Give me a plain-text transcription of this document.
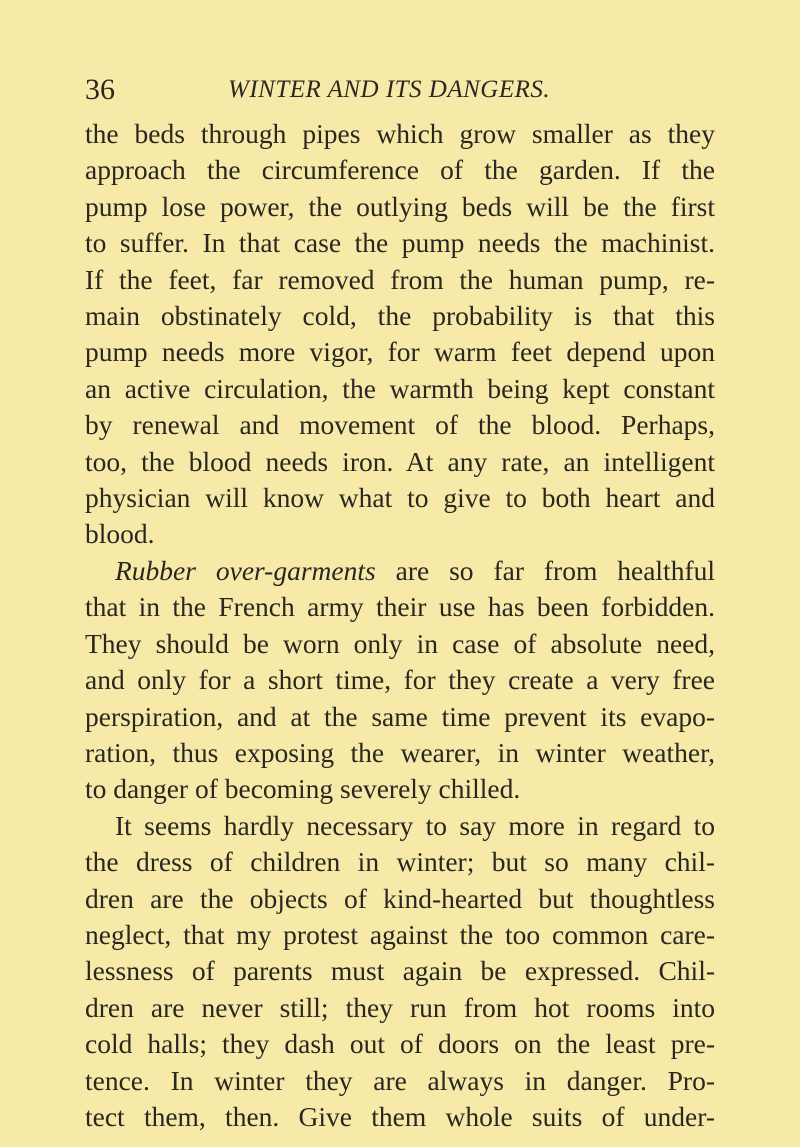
36	WINTER AND ITS DANGERS.
the beds through pipes which grow smaller as they
approach the circumference of the garden. If the
pump lose power, the outlying beds will be the first
to suffer. In that case the pump needs the machinist.
If the feet, far removed from the human pump, re-
main obstinately cold, the probability is that this
pump needs more vigor, for warm feet depend upon
an active circulation, the warmth being kept constant
by renewal and movement of the blood. Perhaps,
too, the blood needs iron. At any rate, an intelligent
physician will know what to give to both heart and
blood.
Rubber over-garments are so far from healthful
that in the French army their use has been forbidden.
They should be worn only in case of absolute need,
and only for a short time, for they create a very free
perspiration, and at the same time prevent its evapo-
ration, thus exposing the wearer, in winter weather,
to danger of becoming severely chilled.
It seems hardly necessary to say more in regard to
the dress of children in winter; but so many chil-
dren are the objects of kind-hearted but thoughtless
neglect, that my protest against the too common care-
lessness of parents must again be expressed. Chil-
dren are never still; they run from hot rooms into
cold halls; they dash out of doors on the least pre-
tence. In winter they are always in danger. Pro-
tect them, then. Give them whole suits of under-
